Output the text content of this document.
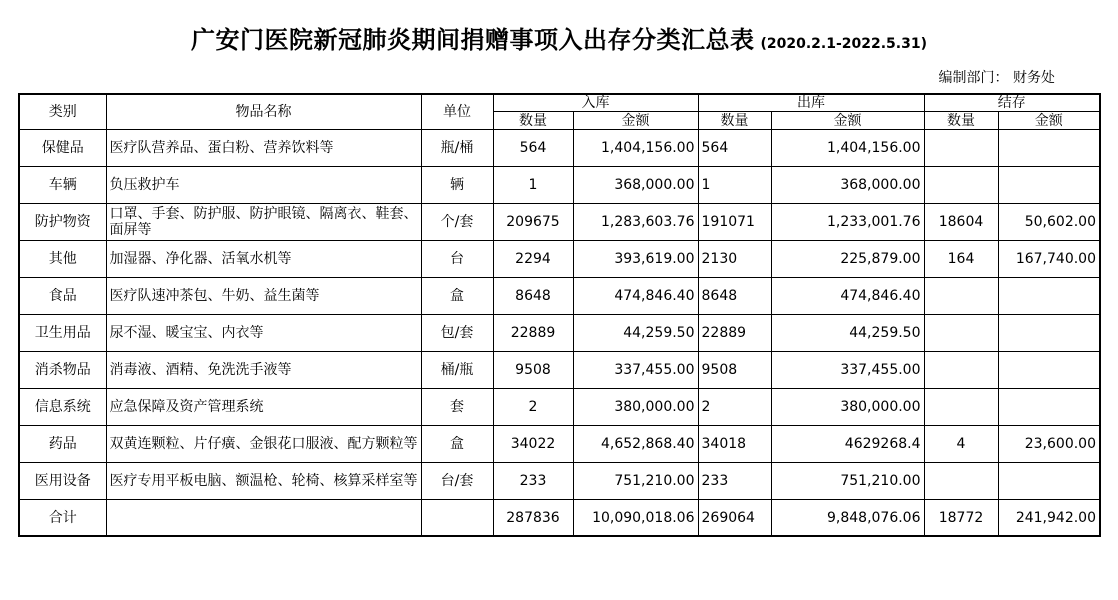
广安门医院新冠肺炎期间捐赠事项入出存分类汇总表 (2020.2.1-2022.5.31)
编制部门： 财务处
类别	物品名称	单位	入库		出库		结存	
			数量	金额	数量	金额	数量	金额
保健品	医疗队营养品、蛋白粉、营养饮料等	瓶/桶	564	1,404,156.00	564	1,404,156.00		
车辆	负压救护车	辆	1	368,000.00	1	368,000.00		
防护物资	口罩、手套、防护服、防护眼镜、隔离衣、鞋套、面屏等	个/套	209675	1,283,603.76	191071	1,233,001.76	18604	50,602.00
其他	加湿器、净化器、活氧水机等	台	2294	393,619.00	2130	225,879.00	164	167,740.00
食品	医疗队速冲茶包、牛奶、益生菌等	盒	8648	474,846.40	8648	474,846.40		
卫生用品	尿不湿、暖宝宝、内衣等	包/套	22889	44,259.50	22889	44,259.50		
消杀物品	消毒液、酒精、免洗洗手液等	桶/瓶	9508	337,455.00	9508	337,455.00		
信息系统	应急保障及资产管理系统	套	2	380,000.00	2	380,000.00		
药品	双黄连颗粒、片仔癀、金银花口服液、配方颗粒等	盒	34022	4,652,868.40	34018	4629268.4	4	23,600.00
医用设备	医疗专用平板电脑、额温枪、轮椅、核算采样室等	台/套	233	751,210.00	233	751,210.00		
合计			287836	10,090,018.06	269064	9,848,076.06	18772	241,942.00
